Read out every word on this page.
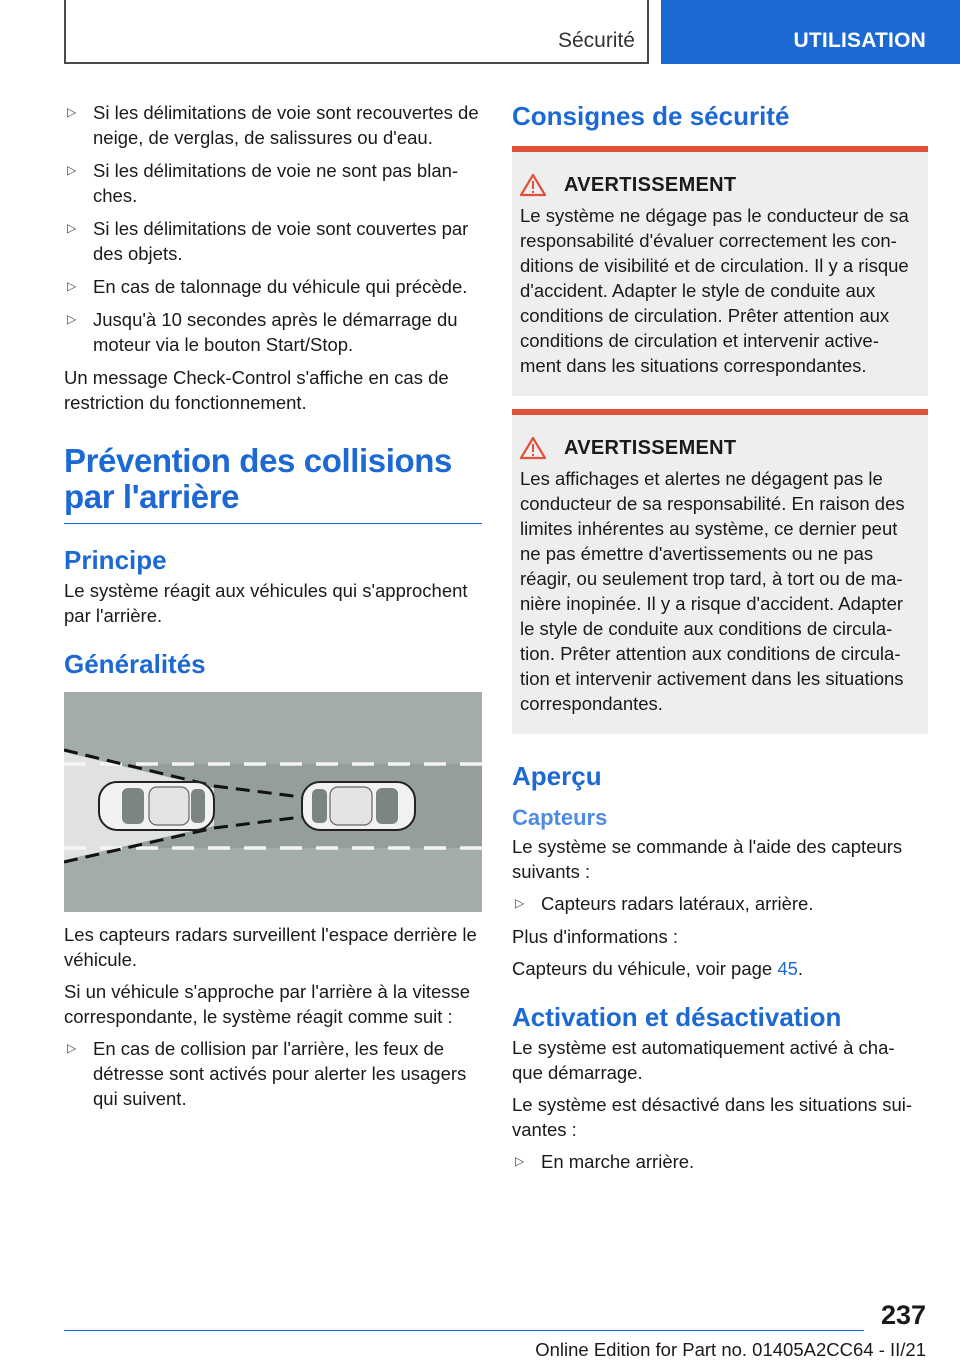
Sécurité	UTILISATION
▷ Si les délimitations de voie sont recouvertes de neige, de verglas, de salissures ou d'eau.
▷ Si les délimitations de voie ne sont pas blan- ches.
▷ Si les délimitations de voie sont couvertes par des objets.
▷ En cas de talonnage du véhicule qui précède.
▷ Jusqu'à 10 secondes après le démarrage du moteur via le bouton Start/Stop.

Un message Check-Control s'affiche en cas de restriction du fonctionnement.

Prévention des collisions par l'arrière
Principe

Le système réagit aux véhicules qui s'approchent par l'arrière.

Généralités

Les capteurs radars surveillent l'espace derrière le véhicule.

Si un véhicule s'approche par l'arrière à la vitesse correspondante, le système réagit comme suit :

▷ En cas de collision par l'arrière, les feux de détresse sont activés pour alerter les usagers qui suivent.
Consignes de sécurité
AVERTISSEMENT

Le système ne dégage pas le conducteur de sa responsabilité d'évaluer correctement les con- ditions de visibilité et de circulation. Il y a risque d'accident. Adapter le style de conduite aux conditions de circulation. Prêter attention aux conditions de circulation et intervenir active- ment dans les situations correspondantes.

AVERTISSEMENT

Les affichages et alertes ne dégagent pas le conducteur de sa responsabilité. En raison des limites inhérentes au système, ce dernier peut ne pas émettre d'avertissements ou ne pas réagir, ou seulement trop tard, à tort ou de ma- nière inopinée. Il y a risque d'accident. Adapter le style de conduite aux conditions de circula- tion. Prêter attention aux conditions de circula- tion et intervenir activement dans les situations correspondantes.

Aperçu
Capteurs

Le système se commande à l'aide des capteurs suivants :

▷ Capteurs radars latéraux, arrière.

Plus d'informations :

Capteurs du véhicule, voir page 45.

Activation et désactivation

Le système est automatiquement activé à cha- que démarrage.

Le système est désactivé dans les situations sui- vantes :

▷ En marche arrière.
237
Online Edition for Part no. 01405A2CC64 - II/21
